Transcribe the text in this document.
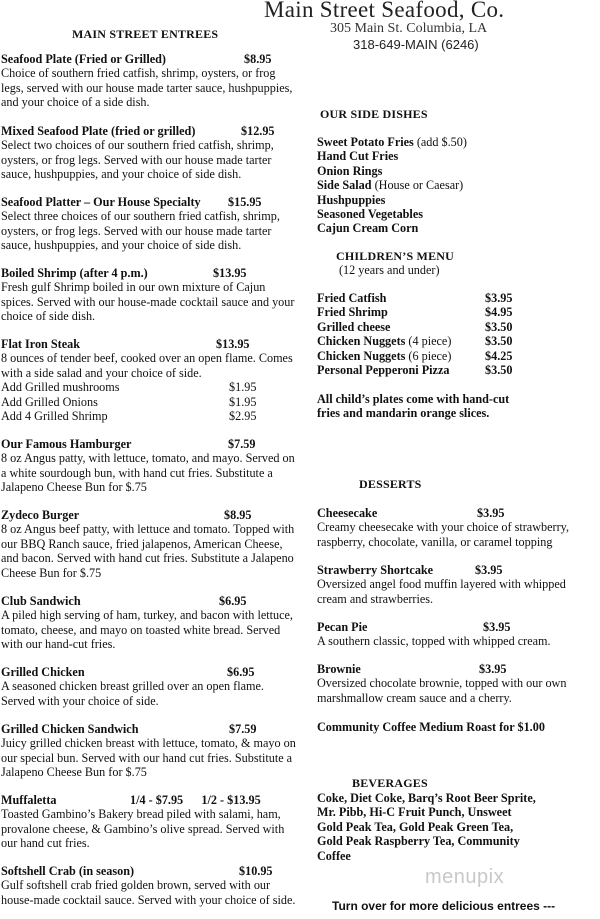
Main Street Seafood, Co.
305 Main St. Columbia, LA
318-649-MAIN (6246)
MAIN STREET ENTREES
Seafood Plate (Fried or Grilled)	$8.95

Choice of southern fried catfish, shrimp, oysters, or frog legs, served with our house made tarter sauce, hushpuppies, and your choice of a side dish.

Mixed Seafood Plate (fried or grilled)	$12.95

Select two choices of our southern fried catfish, shrimp, oysters, or frog legs. Served with our house made tarter sauce, hushpuppies, and your choice of side dish.

Seafood Platter – Our House Specialty $15.95

Select three choices of our southern fried catfish, shrimp, oysters, or frog legs. Served with our house made tarter sauce, hushpuppies, and your choice of side dish.

Boiled Shrimp (after 4 p.m.)	$13.95

Fresh gulf Shrimp boiled in our own mixture of Cajun spices. Served with our house-made cocktail sauce and your choice of side dish.

Flat Iron Steak	$13.95

8 ounces of tender beef, cooked over an open flame. Comes with a side salad and your choice of side.

Add Grilled mushrooms	$1.95
Add Grilled Onions	$1.95
Add 4 Grilled Shrimp	$2.95
Our Famous Hamburger	$7.59

8 oz Angus patty, with lettuce, tomato, and mayo. Served on a white sourdough bun, with hand cut fries. Substitute a Jalapeno Cheese Bun for $.75

Zydeco Burger	$8.95

8 oz Angus beef patty, with lettuce and tomato. Topped with our BBQ Ranch sauce, fried jalapenos, American Cheese, and bacon. Served with hand cut fries. Substitute a Jalapeno Cheese Bun for $.75

Club Sandwich	$6.95

A piled high serving of ham, turkey, and bacon with lettuce, tomato, cheese, and mayo on toasted white bread. Served with our hand-cut fries.

Grilled Chicken	$6.95

A seasoned chicken breast grilled over an open flame. Served with your choice of side.

Grilled Chicken Sandwich	$7.59

Juicy grilled chicken breast with lettuce, tomato, & mayo on our special bun. Served with our hand cut fries. Substitute a Jalapeno Cheese Bun for $.75

Muffaletta	1/4 - $7.95      1/2 - $13.95

Toasted Gambino’s Bakery bread piled with salami, ham, provalone cheese, & Gambino’s olive spread. Served with our hand cut fries.

Softshell Crab (in season)	$10.95

Gulf softshell crab fried golden brown, served with our house-made cocktail sauce. Served with your choice of side.

OUR SIDE DISHES
Sweet Potato Fries (add $.50)
Hand Cut Fries
Onion Rings
Side Salad (House or Caesar)
Hushpuppies
Seasoned Vegetables
Cajun Cream Corn
CHILDREN’S MENU
(12 years and under)
Fried Catfish	$3.95
Fried Shrimp	$4.95
Grilled cheese	$3.50
Chicken Nuggets (4 piece)	$3.50
Chicken Nuggets (6 piece)	$4.25
Personal Pepperoni Pizza	$3.50
All child’s plates come with hand-cut fries and mandarin orange slices.
DESSERTS
Cheesecake	$3.95

Creamy cheesecake with your choice of strawberry, raspberry, chocolate, vanilla, or caramel topping

Strawberry Shortcake	$3.95

Oversized angel food muffin layered with whipped cream and strawberries.

Pecan Pie	$3.95

A southern classic, topped with whipped cream.

Brownie	$3.95

Oversized chocolate brownie, topped with our own marshmallow cream sauce and a cherry.

Community Coffee Medium Roast for $1.00
BEVERAGES
Coke, Diet Coke, Barq’s Root Beer Sprite, Mr. Pibb, Hi-C Fruit Punch, Unsweet Gold Peak Tea, Gold Peak Green Tea, Gold Peak Raspberry Tea, Community Coffee
menupix
Turn over for more delicious entrees ---
